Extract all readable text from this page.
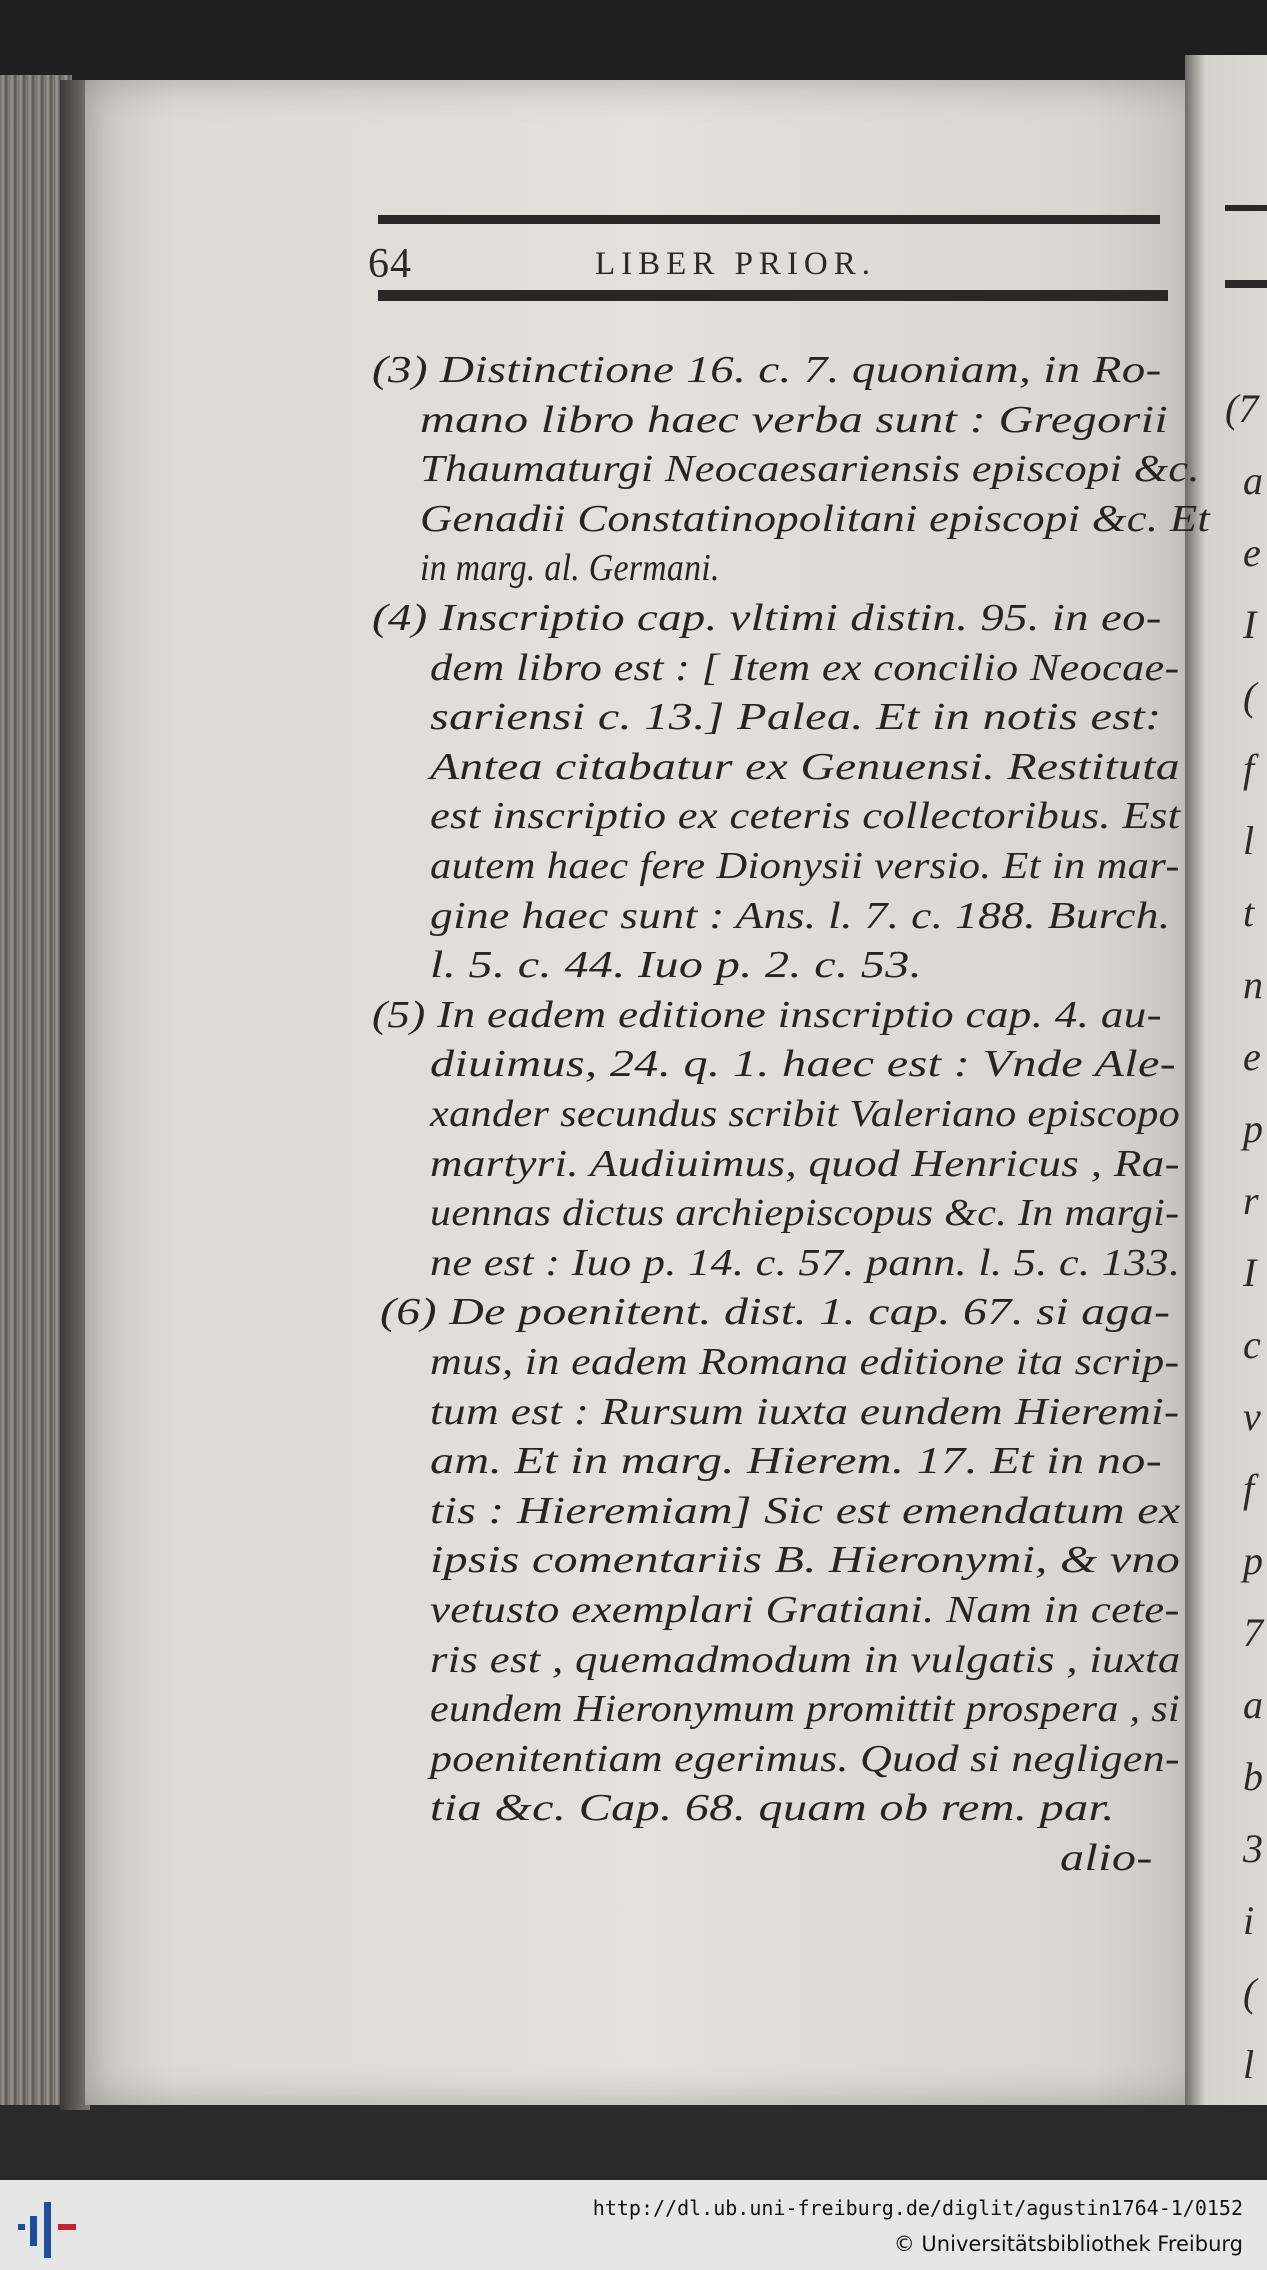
(7
a
e
I
(
f
l
t
n
e
p
r
I
c
v
f
p
7
a
b
3
i
(
l
64	LIBER PRIOR.
(3) Distinctione 16. c. 7. quoniam, in Ro-
mano libro haec verba sunt : Gregorii
Thaumaturgi Neocaesariensis episcopi &c.
Genadii Constatinopolitani episcopi &c. Et
in marg. al. Germani.
(4) Inscriptio cap. vltimi distin. 95. in eo-
dem libro est : [ Item ex concilio Neocae-
sariensi c. 13.] Palea. Et in notis est:
Antea citabatur ex Genuensi. Restituta
est inscriptio ex ceteris collectoribus. Est
autem haec fere Dionysii versio. Et in mar-
gine haec sunt : Ans. l. 7. c. 188. Burch.
l. 5. c. 44. Iuo p. 2. c. 53.
(5) In eadem editione inscriptio cap. 4. au-
diuimus, 24. q. 1. haec est : Vnde Ale-
xander secundus scribit Valeriano episcopo
martyri. Audiuimus, quod Henricus , Ra-
uennas dictus archiepiscopus &c. In margi-
ne est : Iuo p. 14. c. 57. pann. l. 5. c. 133.
(6) De poenitent. dist. 1. cap. 67. si aga-
mus, in eadem Romana editione ita scrip-
tum est : Rursum iuxta eundem Hieremi-
am. Et in marg. Hierem. 17. Et in no-
tis : Hieremiam] Sic est emendatum ex
ipsis comentariis B. Hieronymi, & vno
vetusto exemplari Gratiani. Nam in cete-
ris est , quemadmodum in vulgatis , iuxta
eundem Hieronymum promittit prospera , si
poenitentiam egerimus. Quod si negligen-
tia &c. Cap. 68. quam ob rem. par.
alio-
http://dl.ub.uni-freiburg.de/diglit/agustin1764-1/0152
© Universitätsbibliothek Freiburg
